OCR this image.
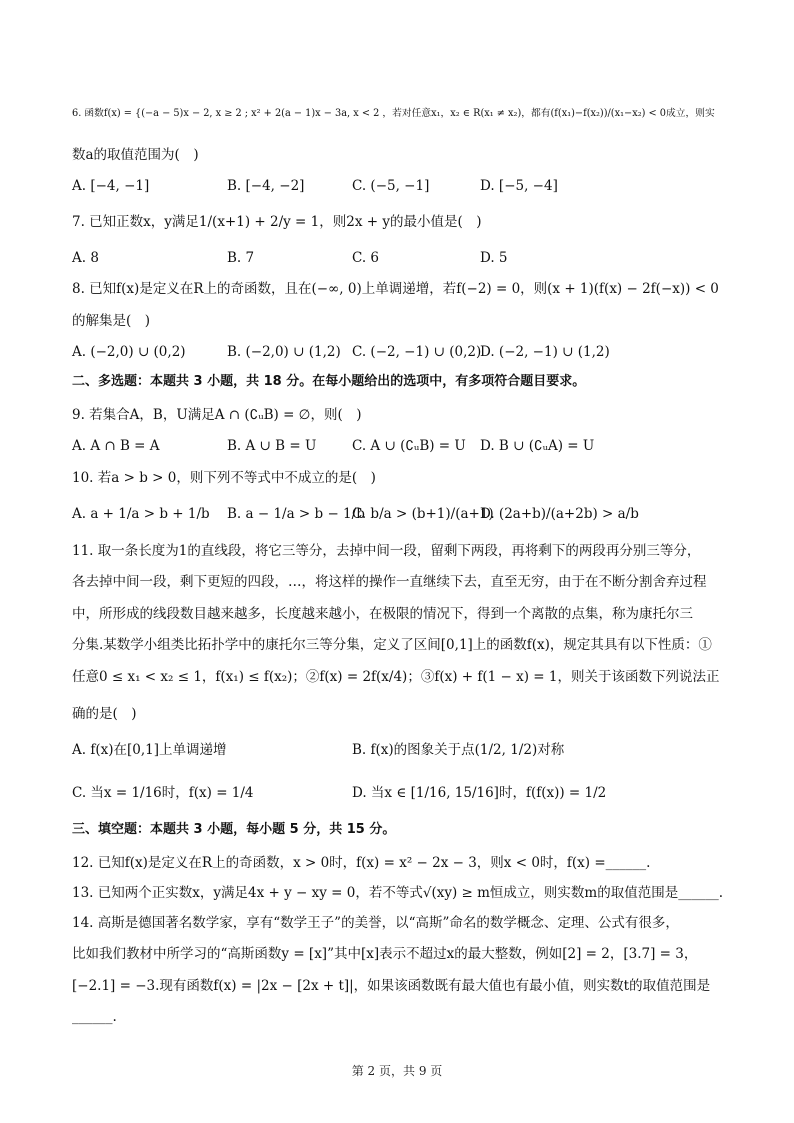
6. 函数f(x) = {(−a − 5)x − 2, x ≥ 2 ; x² + 2(a − 1)x − 3a, x < 2 ，若对任意x₁，x₂ ∈ R(x₁ ≠ x₂)，都有(f(x₁)−f(x₂))/(x₁−x₂) < 0成立，则实
数a的取值范围为(　)
A. [−4, −1]	B. [−4, −2]	C. (−5, −1]	D. [−5, −4]
7. 已知正数x，y满足1/(x+1) + 2/y = 1，则2x + y的最小值是(　)
A. 8	B. 7	C. 6	D. 5
8. 已知f(x)是定义在R上的奇函数，且在(−∞, 0)上单调递增，若f(−2) = 0，则(x + 1)(f(x) − 2f(−x)) < 0
的解集是(　)
A. (−2,0) ∪ (0,2)	B. (−2,0) ∪ (1,2) C. (−2, −1) ∪ (0,2)
D. (−2, −1) ∪ (1,2)
二、多选题：本题共 3 小题，共 18 分。在每小题给出的选项中，有多项符合题目要求。
9. 若集合A，B，U满足A ∩ (∁ᵤB) = ∅，则(　)
A. A ∩ B = A	B. A ∪ B = U	C. A ∪ (∁ᵤB) = U D. B ∪ (∁ᵤA) = U
10. 若a > b > 0，则下列不等式中不成立的是(　)
A. a + 1/a > b + 1/b B. a − 1/a > b − 1/b
C. b/a > (b+1)/(a+1)
D. (2a+b)/(a+2b) > a/b
11. 取一条长度为1的直线段，将它三等分，去掉中间一段，留剩下两段，再将剩下的两段再分别三等分，
各去掉中间一段，剩下更短的四段，…，将这样的操作一直继续下去，直至无穷，由于在不断分割舍弃过程
中，所形成的线段数目越来越多，长度越来越小，在极限的情况下，得到一个离散的点集，称为康托尔三
分集.某数学小组类比拓扑学中的康托尔三等分集，定义了区间[0,1]上的函数f(x)，规定其具有以下性质：①
任意0 ≤ x₁ < x₂ ≤ 1，f(x₁) ≤ f(x₂)；②f(x) = 2f(x/4)；③f(x) + f(1 − x) = 1，则关于该函数下列说法正
确的是(　)
A. f(x)在[0,1]上单调递增	B. f(x)的图象关于点(1/2, 1/2)对称
C. 当x = 1/16时，f(x) = 1/4	D. 当x ∈ [1/16, 15/16]时，f(f(x)) = 1/2
三、填空题：本题共 3 小题，每小题 5 分，共 15 分。
12. 已知f(x)是定义在R上的奇函数，x > 0时，f(x) = x² − 2x − 3，则x < 0时，f(x) =______.
13. 已知两个正实数x，y满足4x + y − xy = 0，若不等式√(xy) ≥ m恒成立，则实数m的取值范围是______.
14. 高斯是德国著名数学家，享有“数学王子”的美誉，以“高斯”命名的数学概念、定理、公式有很多，
比如我们教材中所学习的“高斯函数y = [x]”其中[x]表示不超过x的最大整数，例如[2] = 2，[3.7] = 3，
[−2.1] = −3.现有函数f(x) = |2x − [2x + t]|，如果该函数既有最大值也有最小值，则实数t的取值范围是
______.
第 2 页，共 9 页
